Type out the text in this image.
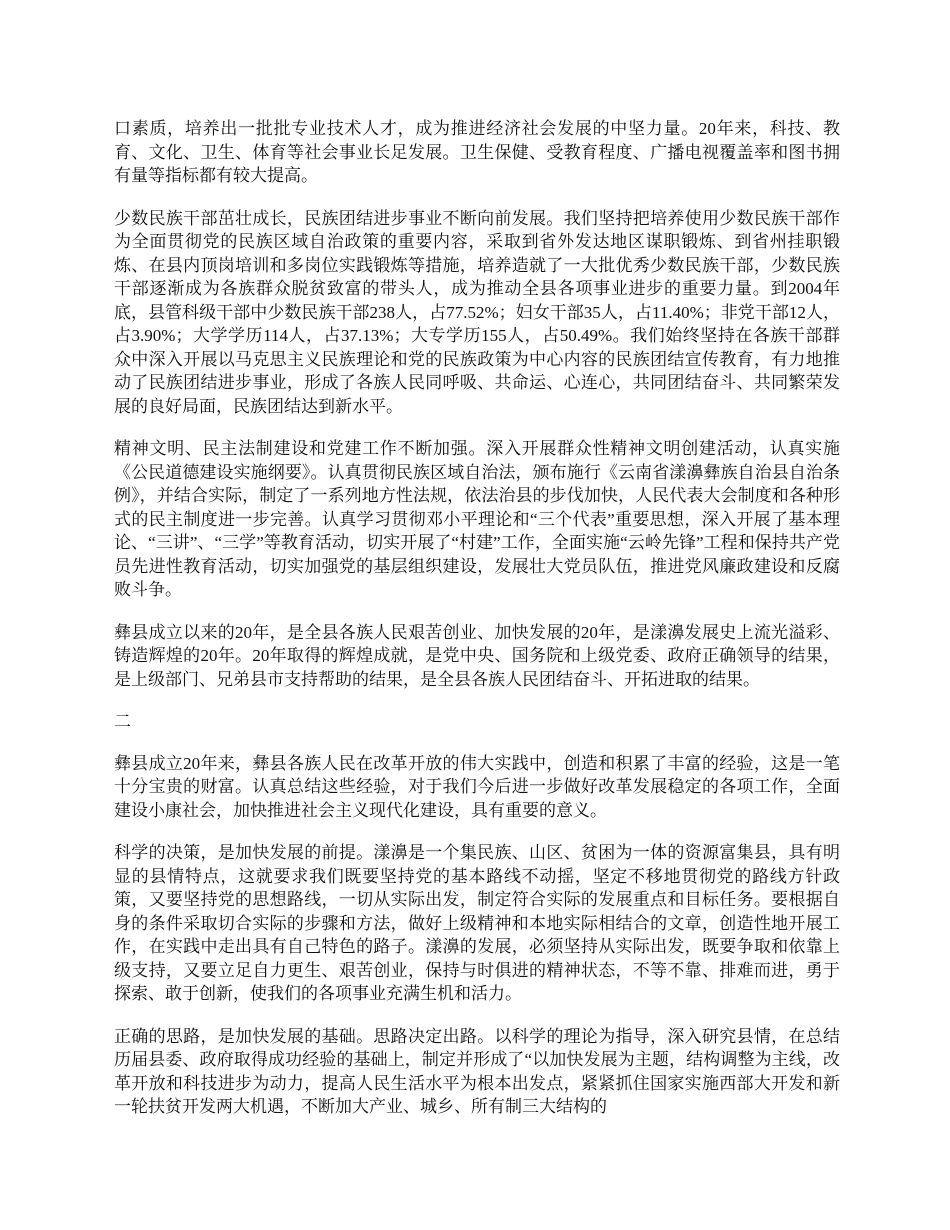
口素质，培养出一批批专业技术人才，成为推进经济社会发展的中坚力量。20年来，科技、教育、文化、卫生、体育等社会事业长足发展。卫生保健、受教育程度、广播电视覆盖率和图书拥有量等指标都有较大提高。

少数民族干部茁壮成长，民族团结进步事业不断向前发展。我们坚持把培养使用少数民族干部作为全面贯彻党的民族区域自治政策的重要内容，采取到省外发达地区谋职锻炼、到省州挂职锻炼、在县内顶岗培训和多岗位实践锻炼等措施，培养造就了一大批优秀少数民族干部，少数民族干部逐渐成为各族群众脱贫致富的带头人，成为推动全县各项事业进步的重要力量。到2004年底，县管科级干部中少数民族干部238人，占77.52%；妇女干部35人，占11.40%；非党干部12人，占3.90%；大学学历114人，占37.13%；大专学历155人，占50.49%。我们始终坚持在各族干部群众中深入开展以马克思主义民族理论和党的民族政策为中心内容的民族团结宣传教育，有力地推动了民族团结进步事业，形成了各族人民同呼吸、共命运、心连心，共同团结奋斗、共同繁荣发展的良好局面，民族团结达到新水平。

精神文明、民主法制建设和党建工作不断加强。深入开展群众性精神文明创建活动，认真实施《公民道德建设实施纲要》。认真贯彻民族区域自治法，颁布施行《云南省漾濞彝族自治县自治条例》，并结合实际，制定了一系列地方性法规，依法治县的步伐加快，人民代表大会制度和各种形式的民主制度进一步完善。认真学习贯彻邓小平理论和“三个代表”重要思想，深入开展了基本理论、“三讲”、“三学”等教育活动，切实开展了“村建”工作，全面实施“云岭先锋”工程和保持共产党员先进性教育活动，切实加强党的基层组织建设，发展壮大党员队伍，推进党风廉政建设和反腐败斗争。

彝县成立以来的20年，是全县各族人民艰苦创业、加快发展的20年，是漾濞发展史上流光溢彩、铸造辉煌的20年。20年取得的辉煌成就，是党中央、国务院和上级党委、政府正确领导的结果，是上级部门、兄弟县市支持帮助的结果，是全县各族人民团结奋斗、开拓进取的结果。

二

彝县成立20年来，彝县各族人民在改革开放的伟大实践中，创造和积累了丰富的经验，这是一笔十分宝贵的财富。认真总结这些经验，对于我们今后进一步做好改革发展稳定的各项工作，全面建设小康社会，加快推进社会主义现代化建设，具有重要的意义。

科学的决策，是加快发展的前提。漾濞是一个集民族、山区、贫困为一体的资源富集县，具有明显的县情特点，这就要求我们既要坚持党的基本路线不动摇，坚定不移地贯彻党的路线方针政策，又要坚持党的思想路线，一切从实际出发，制定符合实际的发展重点和目标任务。要根据自身的条件采取切合实际的步骤和方法，做好上级精神和本地实际相结合的文章，创造性地开展工作，在实践中走出具有自己特色的路子。漾濞的发展，必须坚持从实际出发，既要争取和依靠上级支持，又要立足自力更生、艰苦创业，保持与时俱进的精神状态，不等不靠、排难而进，勇于探索、敢于创新，使我们的各项事业充满生机和活力。

正确的思路，是加快发展的基础。思路决定出路。以科学的理论为指导，深入研究县情，在总结历届县委、政府取得成功经验的基础上，制定并形成了“以加快发展为主题，结构调整为主线，改革开放和科技进步为动力，提高人民生活水平为根本出发点，紧紧抓住国家实施西部大开发和新一轮扶贫开发两大机遇，不断加大产业、城乡、所有制三大结构的
